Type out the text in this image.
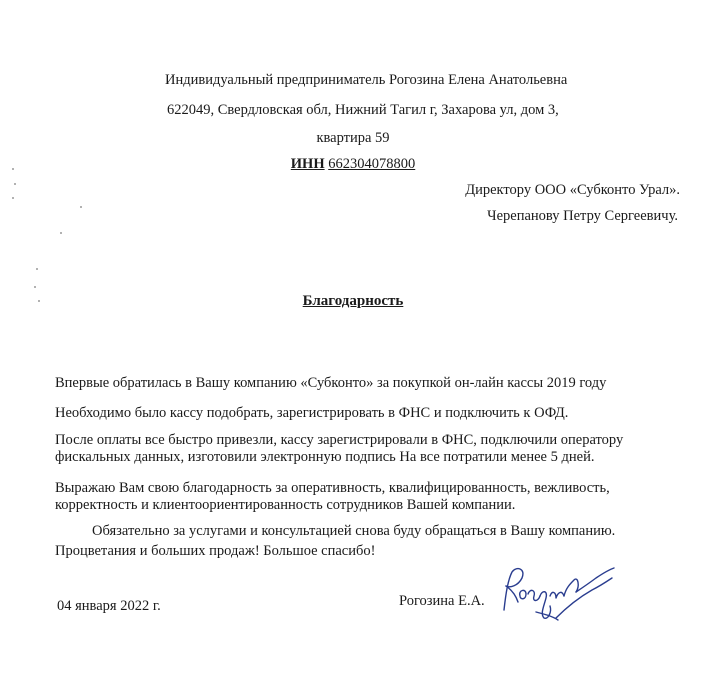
Индивидуальный предприниматель Рогозина Елена Анатольевна
622049, Свердловская обл, Нижний Тагил г, Захарова ул, дом 3,
квартира 59
ИНН 662304078800
Директору ООО «Субконто Урал».
Черепанову Петру Сергеевичу.
Благодарность
Впервые обратилась в Вашу компанию «Субконто» за покупкой он-лайн кассы 2019 году
Необходимо было кассу подобрать, зарегистрировать в ФНС и подключить к ОФД.
После оплаты все быстро привезли, кассу зарегистрировали в ФНС, подключили оператору
фискальных данных, изготовили электронную подпись На все потратили менее 5 дней.
Выражаю Вам свою благодарность за оперативность, квалифицированность, вежливость,
корректность и клиентоориентированность сотрудников Вашей компании.
Обязательно за услугами и консультацией снова буду обращаться в Вашу компанию.
Процветания и больших продаж! Большое спасибо!
04 января 2022 г.	Рогозина Е.А.
